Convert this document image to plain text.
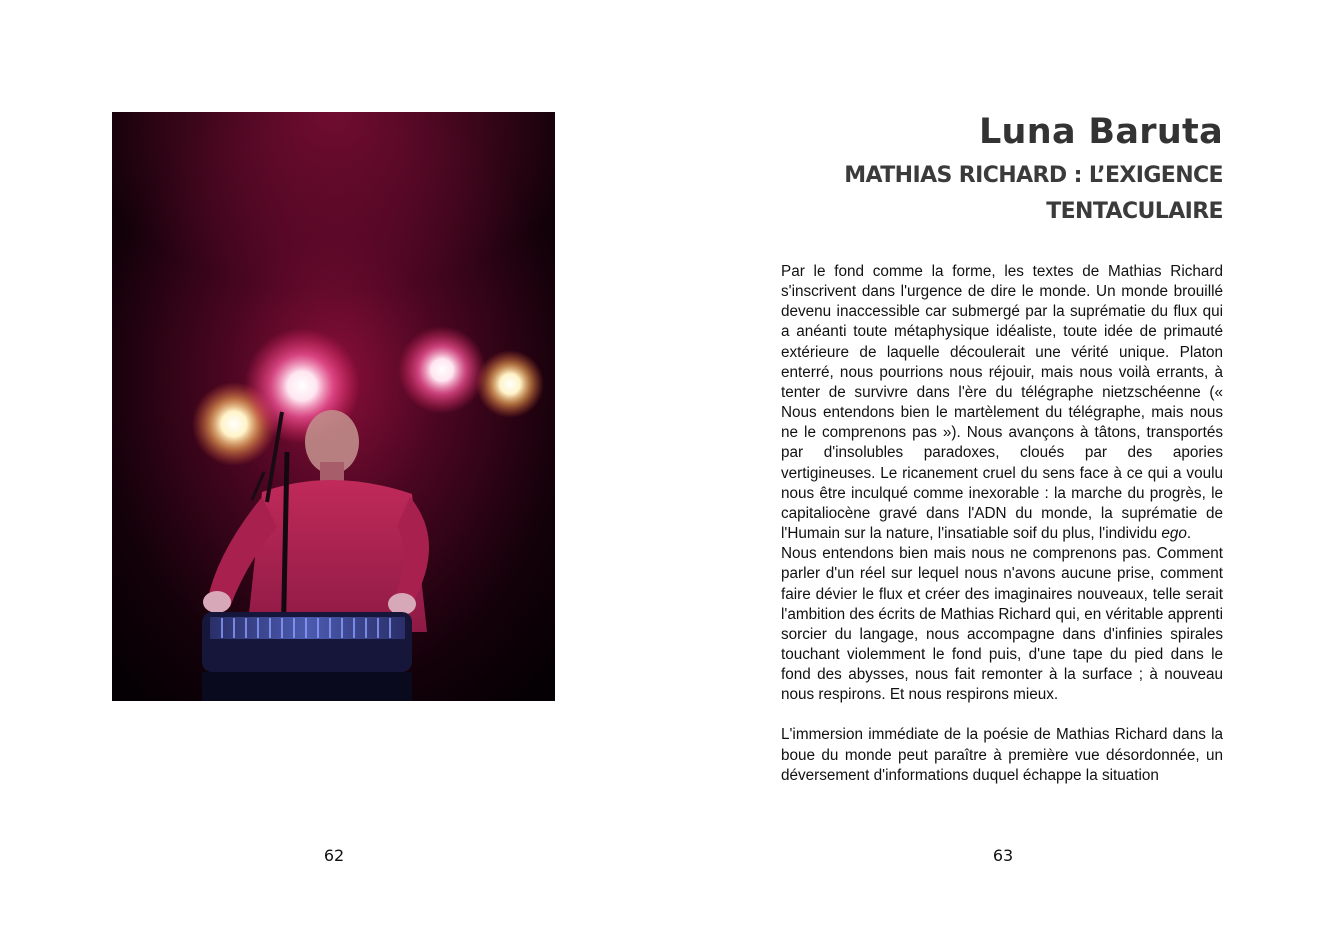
62
Luna Baruta
MATHIAS RICHARD : L’EXIGENCE TENTACULAIRE

Par le fond comme la forme, les textes de Mathias Richard s'inscrivent dans l'urgence de dire le monde. Un monde brouillé devenu inaccessible car submergé par la suprématie du flux qui a anéanti toute métaphysique idéaliste, toute idée de primauté extérieure de laquelle découlerait une vérité unique. Platon enterré, nous pourrions nous réjouir, mais nous voilà errants, à tenter de survivre dans l'ère du télégraphe nietzschéenne (« Nous entendons bien le martèlement du télégraphe, mais nous ne le comprenons pas »). Nous avançons à tâtons, transportés par d'insolubles paradoxes, cloués par des apories vertigineuses. Le ricanement cruel du sens face à ce qui a voulu nous être inculqué comme inexorable : la marche du progrès, le capitaliocène gravé dans l'ADN du monde, la suprématie de l'Humain sur la nature, l'insatiable soif du plus, l'individu ego.

Nous entendons bien mais nous ne comprenons pas. Comment parler d'un réel sur lequel nous n'avons aucune prise, comment faire dévier le flux et créer des imaginaires nouveaux, telle serait l'ambition des écrits de Mathias Richard qui, en véritable apprenti sorcier du langage, nous accompagne dans d'infinies spirales touchant violemment le fond puis, d'une tape du pied dans le fond des abysses, nous fait remonter à la surface ; à nouveau nous respirons. Et nous respirons mieux.

L'immersion immédiate de la poésie de Mathias Richard dans la boue du monde peut paraître à première vue désordonnée, un déversement d'informations duquel échappe la situation

63
